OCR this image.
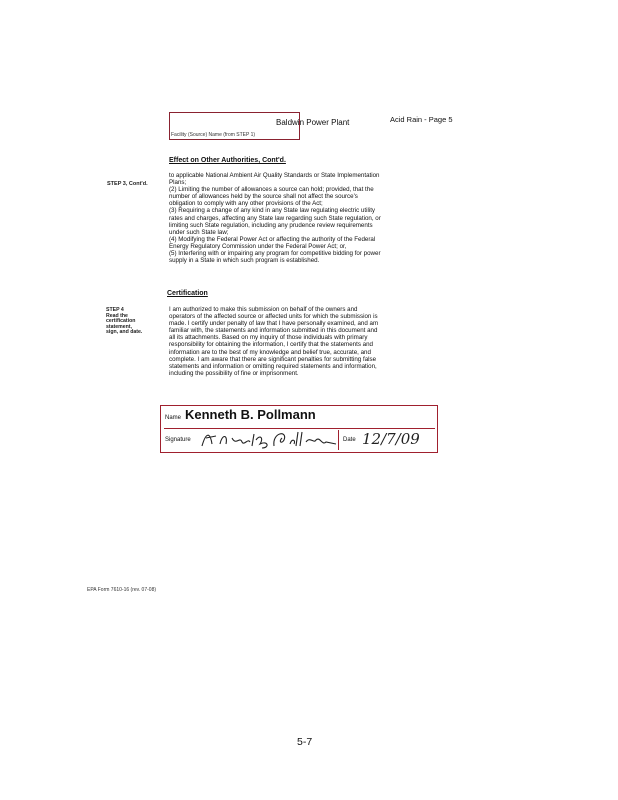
Baldwin Power Plant
Facility (Source) Name (from STEP 1)
Acid Rain - Page 5
Effect on Other Authorities, Cont'd.
STEP 3, Cont'd.
to applicable National Ambient Air Quality Standards or State Implementation
Plans;
(2) Limiting the number of allowances a source can hold; provided, that the
number of allowances held by the source shall not affect the source's
obligation to comply with any other provisions of the Act;
(3) Requiring a change of any kind in any State law regulating electric utility
rates and charges, affecting any State law regarding such State regulation, or
limiting such State regulation, including any prudence review requirements
under such State law;
(4) Modifying the Federal Power Act or affecting the authority of the Federal
Energy Regulatory Commission under the Federal Power Act; or,
(5) Interfering with or impairing any program for competitive bidding for power
supply in a State in which such program is established.
Certification
STEP 4
Read the
certification
statement,
sign, and date.
I am authorized to make this submission on behalf of the owners and
operators of the affected source or affected units for which the submission is
made. I certify under penalty of law that I have personally examined, and am
familiar with, the statements and information submitted in this document and
all its attachments. Based on my inquiry of those individuals with primary
responsibility for obtaining the information, I certify that the statements and
information are to the best of my knowledge and belief true, accurate, and
complete. I am aware that there are significant penalties for submitting false
statements and information or omitting required statements and information,
including the possibility of fine or imprisonment.
Name Kenneth B. Pollmann
Signature	Date 12/7/09
EPA Form 7610-16 (rev. 07-08)
5-7
